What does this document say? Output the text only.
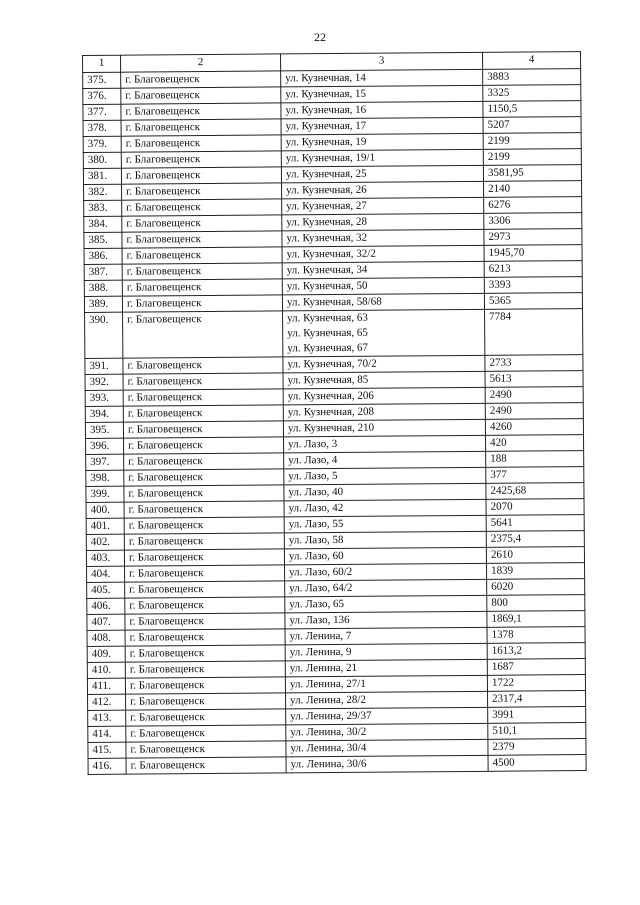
22
1	2	3	4
375.	г. Благовещенск	ул. Кузнечная, 14	3883
376.	г. Благовещенск	ул. Кузнечная, 15	3325
377.	г. Благовещенск	ул. Кузнечная, 16	1150,5
378.	г. Благовещенск	ул. Кузнечная, 17	5207
379.	г. Благовещенск	ул. Кузнечная, 19	2199
380.	г. Благовещенск	ул. Кузнечная, 19/1	2199
381.	г. Благовещенск	ул. Кузнечная, 25	3581,95
382.	г. Благовещенск	ул. Кузнечная, 26	2140
383.	г. Благовещенск	ул. Кузнечная, 27	6276
384.	г. Благовещенск	ул. Кузнечная, 28	3306
385.	г. Благовещенск	ул. Кузнечная, 32	2973
386.	г. Благовещенск	ул. Кузнечная, 32/2	1945,70
387.	г. Благовещенск	ул. Кузнечная, 34	6213
388.	г. Благовещенск	ул. Кузнечная, 50	3393
389.	г. Благовещенск	ул. Кузнечная, 58/68	5365
390.	г. Благовещенск	ул. Кузнечная, 63
ул. Кузнечная, 65
ул. Кузнечная, 67	7784
391.	г. Благовещенск	ул. Кузнечная, 70/2	2733
392.	г. Благовещенск	ул. Кузнечная, 85	5613
393.	г. Благовещенск	ул. Кузнечная, 206	2490
394.	г. Благовещенск	ул. Кузнечная, 208	2490
395.	г. Благовещенск	ул. Кузнечная, 210	4260
396.	г. Благовещенск	ул. Лазо, 3	420
397.	г. Благовещенск	ул. Лазо, 4	188
398.	г. Благовещенск	ул. Лазо, 5	377
399.	г. Благовещенск	ул. Лазо, 40	2425,68
400.	г. Благовещенск	ул. Лазо, 42	2070
401.	г. Благовещенск	ул. Лазо, 55	5641
402.	г. Благовещенск	ул. Лазо, 58	2375,4
403.	г. Благовещенск	ул. Лазо, 60	2610
404.	г. Благовещенск	ул. Лазо, 60/2	1839
405.	г. Благовещенск	ул. Лазо, 64/2	6020
406.	г. Благовещенск	ул. Лазо, 65	800
407.	г. Благовещенск	ул. Лазо, 136	1869,1
408.	г. Благовещенск	ул. Ленина, 7	1378
409.	г. Благовещенск	ул. Ленина, 9	1613,2
410.	г. Благовещенск	ул. Ленина, 21	1687
411.	г. Благовещенск	ул. Ленина, 27/1	1722
412.	г. Благовещенск	ул. Ленина, 28/2	2317,4
413.	г. Благовещенск	ул. Ленина, 29/37	3991
414.	г. Благовещенск	ул. Ленина, 30/2	510,1
415.	г. Благовещенск	ул. Ленина, 30/4	2379
416.	г. Благовещенск	ул. Ленина, 30/6	4500
